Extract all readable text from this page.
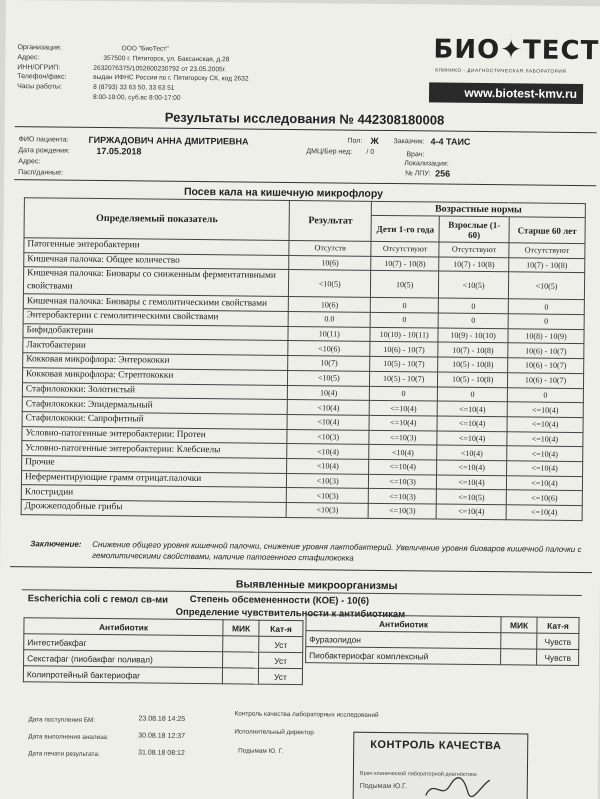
Организация:
Адрес:
ИНН/ОГРИП:
Телефон/факс:
Часы работы:
ООО "БиоТест"
357500 г. Пятигорск, ул. Баксанская, д.28
2632076375/1052600230792 от 23.05.2005г.
выдан ИФНС России по г. Пятигорску СК, код 2632
8 (8793) 33 63 50, 33 63 51
8:00-19:00, суб.вс 8:00-17:00
БИО✦ТЕСТ
КЛИНИКО - ДИАГНОСТИЧЕСКАЯ ЛАБОРАТОРИЯ
www.biotest-kmv.ru
Результаты исследования № 442308180008
ФИО пациента: ГИРЖАДОВИЧ АННА ДМИТРИЕВНА
Дата рождения:	17.05.2018
Адрес:
Пасп/данные:
Пол: Ж
ДМЦ/Бер нед: / 0
Заказчик: 4-4 ТАИС
Врач:
Локализация:
№ ЛПУ: 256
Посев кала на кишечную микрофлору
Определяемый показатель	Результат	Возрастные нормы		
		Дети 1-го года	Взрослые (1-60)	Старше 60 лет
Патогенные энтеробактерии	Отсутств	Отсутствуют	Отсутствуют	Отсутствуют
Кишечная палочка: Общее количество	10(6)	10(7) - 10(8)	10(7) - 10(8)	10(7) - 10(8)
Кишечная палочка: Биовары со сниженным ферментативными свойствами	<10(5)	10(5)	<10(5)	<10(5)
Кишечная палочка: Биовары с гемолитическими свойствами	10(6)	0	0	0
Энтеробактерии с гемолитическими свойствами	0.0	0	0	0
Бифидобактерии	10(11)	10(10) - 10(11)	10(9) - 10(10)	10(8) - 10(9)
Лактобактерии	<10(6)	10(6) - 10(7)	10(7) - 10(8)	10(6) - 10(7)
Кокковая микрофлора: Энтерококки	10(7)	10(5) - 10(7)	10(5) - 10(8)	10(6) - 10(7)
Кокковая микрофлора: Стрептококки	<10(5)	10(5) - 10(7)	10(5) - 10(8)	10(6) - 10(7)
Стафилококки: Золотистый	10(4)	0	0	0
Стафилококки: Эпидермальный	<10(4)	<=10(4)	<=10(4)	<=10(4)
Стафилококки: Сапрофитный	<10(4)	<=10(4)	<=10(4)	<=10(4)
Условно-патогенные энтеробактерии: Протеи	<10(3)	<=10(3)	<=10(4)	<=10(4)
Условно-патогенные энтеробактерии: Клебсиелы	<10(4)	<10(4)	<10(4)	<=10(4)
Прочие	<10(4)	<=10(4)	<=10(4)	<=10(4)
Неферментирующие грамм отрицат.палочки	<10(3)	<=10(3)	<=10(4)	<=10(4)
Клостридии	<10(3)	<=10(3)	<=10(5)	<=10(6)
Дрожжеподобные грибы	<10(3)	<=10(3)	<=10(4)	<=10(4)
Заключение: Снижение общего уровня кишечной палочки, снижение уровня лактобактерий. Увеличение уровня биоваров кишечной палочки с гемолитическими свойствами, наличие патогенного стафилококка
Выявленные микроорганизмы
Escherichia coli с гемол св-ми Степень обсемененности (КОЕ) - 10(6)
Определение чувствительности к антибиотикам
Антибиотик	МИК	Кат-я
Интестибакфаг		Уст
Секстафаг (пиобакфаг поливал)		Уст
Колипротейный бактериофаг		Уст
Антибиотик	МИК	Кат-я
Фуразолидон		Чувств
Пиобактериофаг комплексный		Чувств
Дата поступления БМ:	23.08.18 14:25
Дата выполнения анализа:	30.08.18 12:37
Дата печати результата:	31.08.18 08:12
Контроль качества лабораторных исследований
Исполнительный директор
Подымам Ю. Г.	КОНТРОЛЬ КАЧЕСТВА
Врач клинической лабораторной диагностики
Подымам Ю.Г.
